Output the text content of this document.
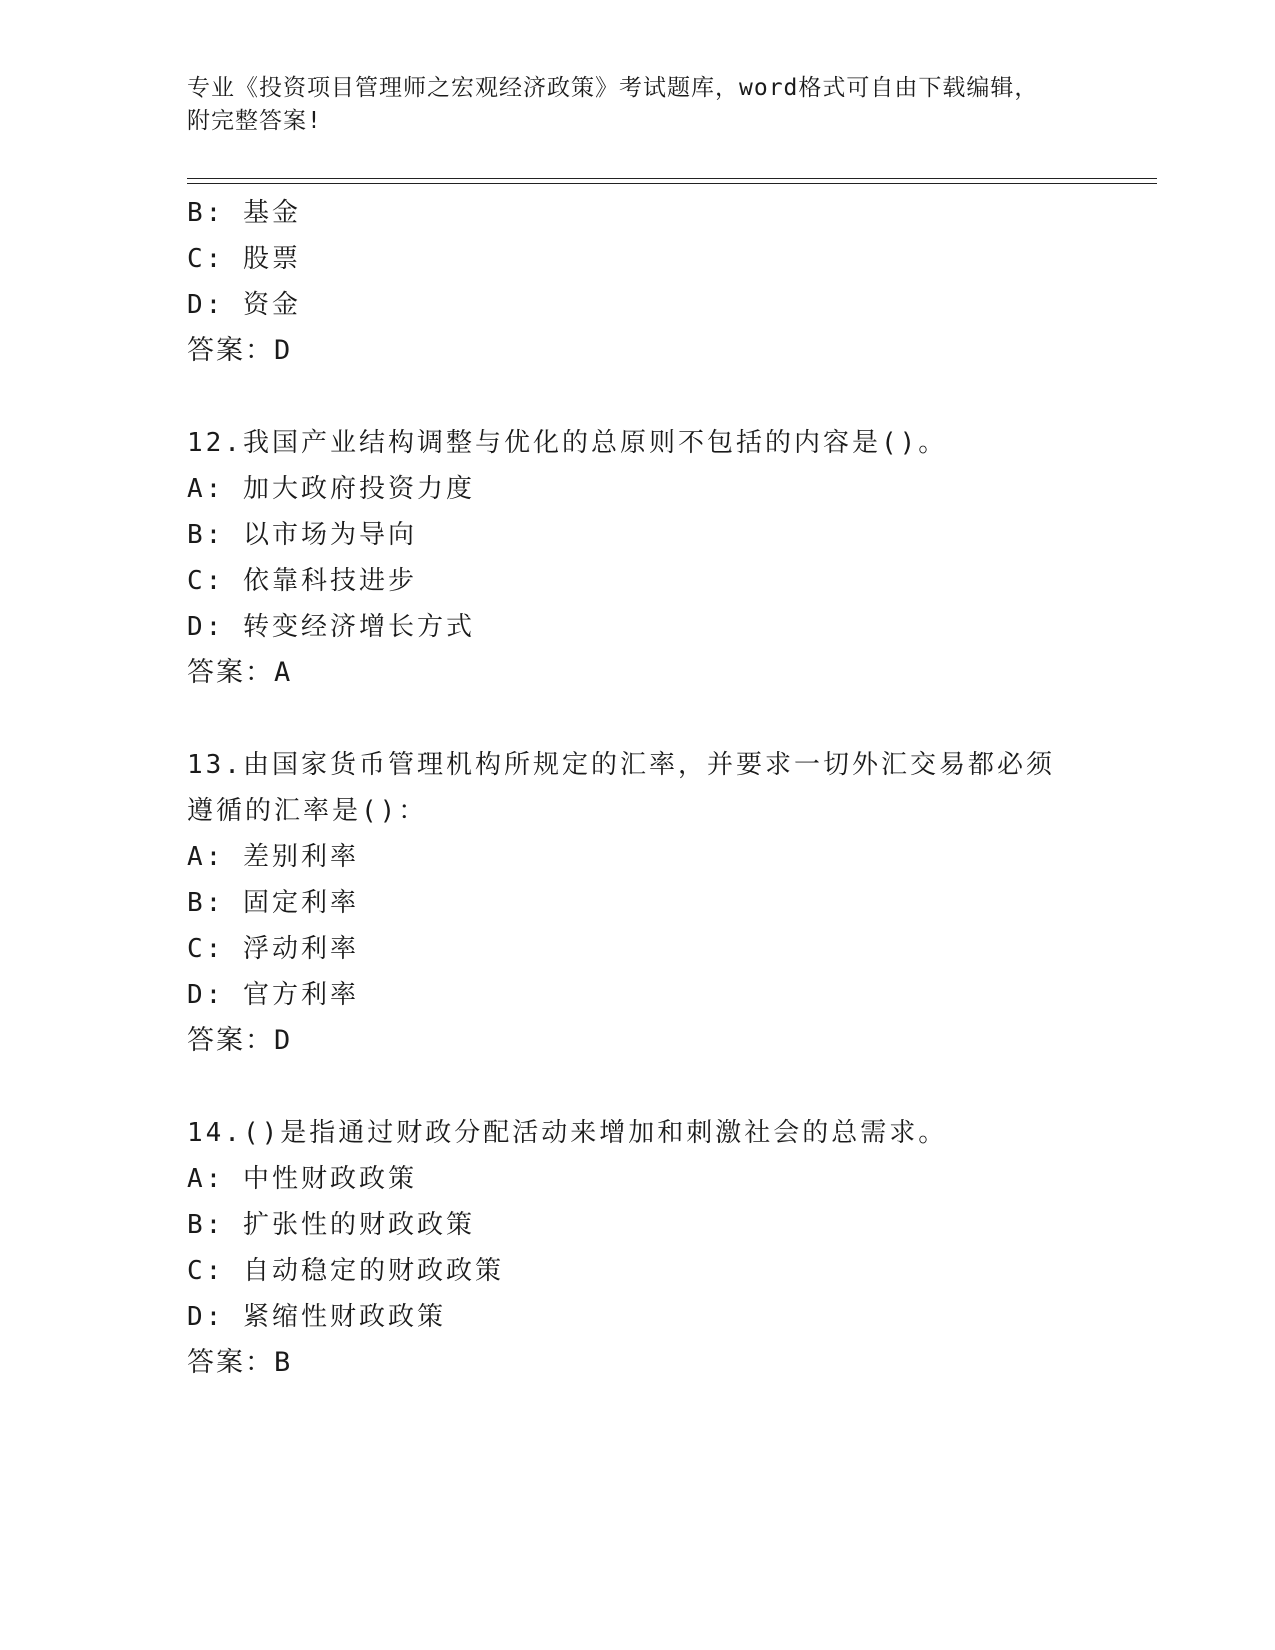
专业《投资项目管理师之宏观经济政策》考试题库，word格式可自由下载编辑，
附完整答案!
B: 基金
C: 股票
D: 资金
答案：D
12.我国产业结构调整与优化的总原则不包括的内容是()。
A: 加大政府投资力度
B: 以市场为导向
C: 依靠科技进步
D: 转变经济增长方式
答案：A
13.由国家货币管理机构所规定的汇率，并要求一切外汇交易都必须遵循的汇率是()：
A: 差别利率
B: 固定利率
C: 浮动利率
D: 官方利率
答案：D
14.()是指通过财政分配活动来增加和刺激社会的总需求。
A: 中性财政政策
B: 扩张性的财政政策
C: 自动稳定的财政政策
D: 紧缩性财政政策
答案：B
